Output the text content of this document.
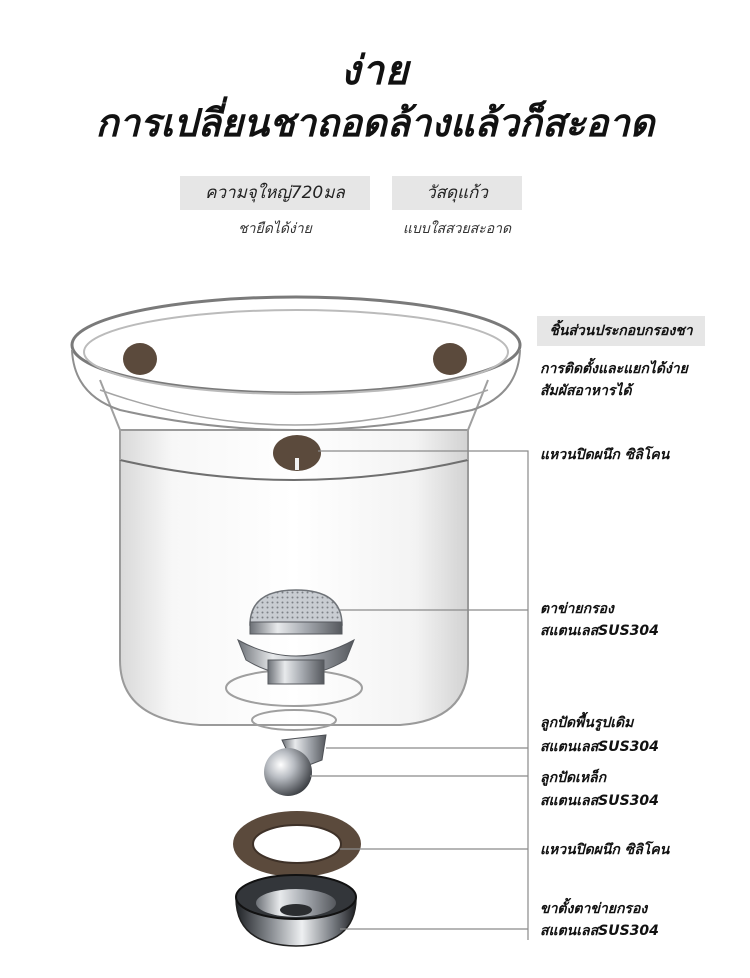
ง่าย
การเปลี่ยนชาถอดล้างแล้วก็สะอาด
ความจุใหญ่720มล
ชายืดได้ง่าย
วัสดุแก้ว
แบบใสสวยสะอาด
ชิ้นส่วนประกอบกรองชา
การติดตั้งและแยกได้ง่าย
สัมผัสอาหารได้
แหวนปิดผนึก ซิลิโคน
ตาข่ายกรอง
สแตนเลสSUS304
ลูกปัดพื้นรูปเดิม
สแตนเลสSUS304
ลูกปัดเหล็ก
สแตนเลสSUS304
แหวนปิดผนึก ซิลิโคน
ขาตั้งตาข่ายกรอง
สแตนเลสSUS304
